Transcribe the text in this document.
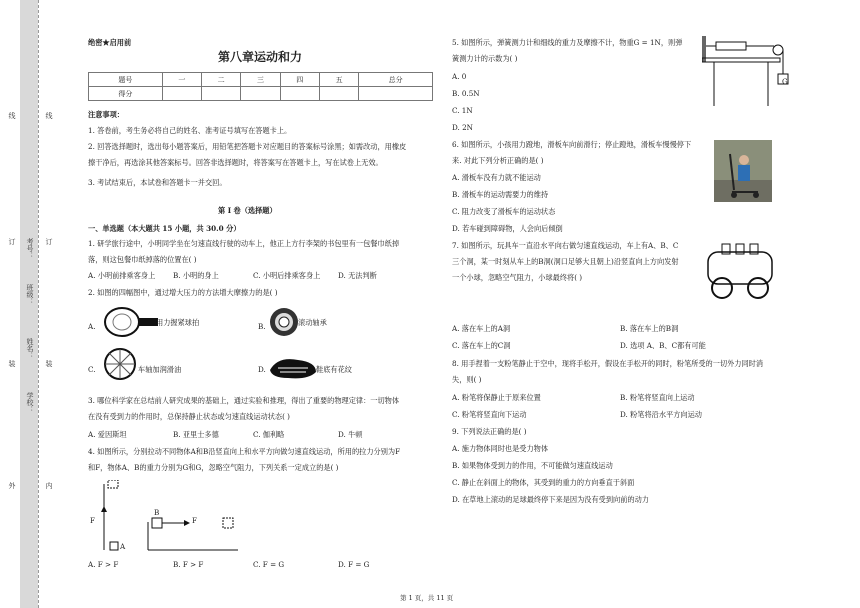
线
订
装
外
学校：
姓名：
班级：
考号：
线
订
装
内
绝密★启用前
第八章运动和力
题号	一	二	三	四	五	总分
得分						
注意事项：
1. 答卷前，考生务必将自己的姓名、准考证号填写在答题卡上。
2. 回答选择题时，选出每小题答案后，用铅笔把答题卡对应题目的答案标号涂黑；如需改动，用橡皮
擦干净后，再选涂其他答案标号。回答非选择题时，将答案写在答题卡上，写在试卷上无效。
3. 考试结束后，本试卷和答题卡一并交回。
第 I 卷（选择题）
一、单选题（本大题共 15 小题，共 30.0 分）
1. 研学旅行途中，小明同学坐在匀速直线行驶的动车上，他正上方行李架的书包里有一包餐巾纸掉
落，则这包餐巾纸掉落的位置在( )
A. 小明前排乘客身上 B. 小明的身上	C. 小明后排乘客身上 D. 无法判断
2. 如图的四幅图中，通过增大压力的方法增大摩擦力的是( )
A.	用力握紧球拍	B.	滚动轴承
C.	车轴加润滑油	D.	鞋底有花纹
3. 哪位科学家在总结前人研究成果的基础上，通过实验和推理，得出了重要的物理定律：一切物体
在没有受到力的作用时，总保持静止状态或匀速直线运动状态( )
A. 爱因斯坦	B. 亚里士多德	C. 伽利略	D. 牛顿
4. 如图所示，分别拉动不同物体A和B沿竖直向上和水平方向做匀速直线运动，所用的拉力分别为F
和F，物体A、B的重力分别为G和G，忽略空气阻力，下列关系一定成立的是( )
F
A
B
F
A. F > F	B. F > F	C. F = G	D. F = G
5. 如图所示，弹簧测力计和细线的重力及摩擦不计，物重G = 1N，则弹
簧测力计的示数为( )
G
A. 0
B. 0.5N
C. 1N
D. 2N
6. 如图所示，小孩用力蹬地，滑板车向前滑行；停止蹬地，滑板车慢慢停下
来. 对此下列分析正确的是( )
A. 滑板车没有力就不能运动
B. 滑板车的运动需要力的维持
C. 阻力改变了滑板车的运动状态
D. 若车碰到障碍物，人会向后倾倒
7. 如图所示，玩具车一直沿水平向右做匀速直线运动，车上有A、B、C
三个洞，某一时刻从车上的B洞(洞口足够大且朝上)沿竖直向上方向发射
一个小球，忽略空气阻力，小球最终将( )
A. 落在车上的A洞	B. 落在车上的B洞
C. 落在车上的C洞	D. 选项 A、B、C都有可能
8. 用手捏着一支粉笔静止于空中，现将手松开，假设在手松开的同时，粉笔所受的一切外力同时消
失，则( )
A. 粉笔将保静止于原来位置	B. 粉笔将竖直向上运动
C. 粉笔将竖直向下运动	D. 粉笔将沿水平方向运动
9. 下列说法正确的是( )
A. 施力物体同时也是受力物体
B. 如果物体受到力的作用，不可能做匀速直线运动
C. 静止在斜面上的物体，其受到的重力的方向垂直于斜面
D. 在草地上滚动的足球最终停下来是因为没有受到向前的动力
第 1 页，共 11 页
